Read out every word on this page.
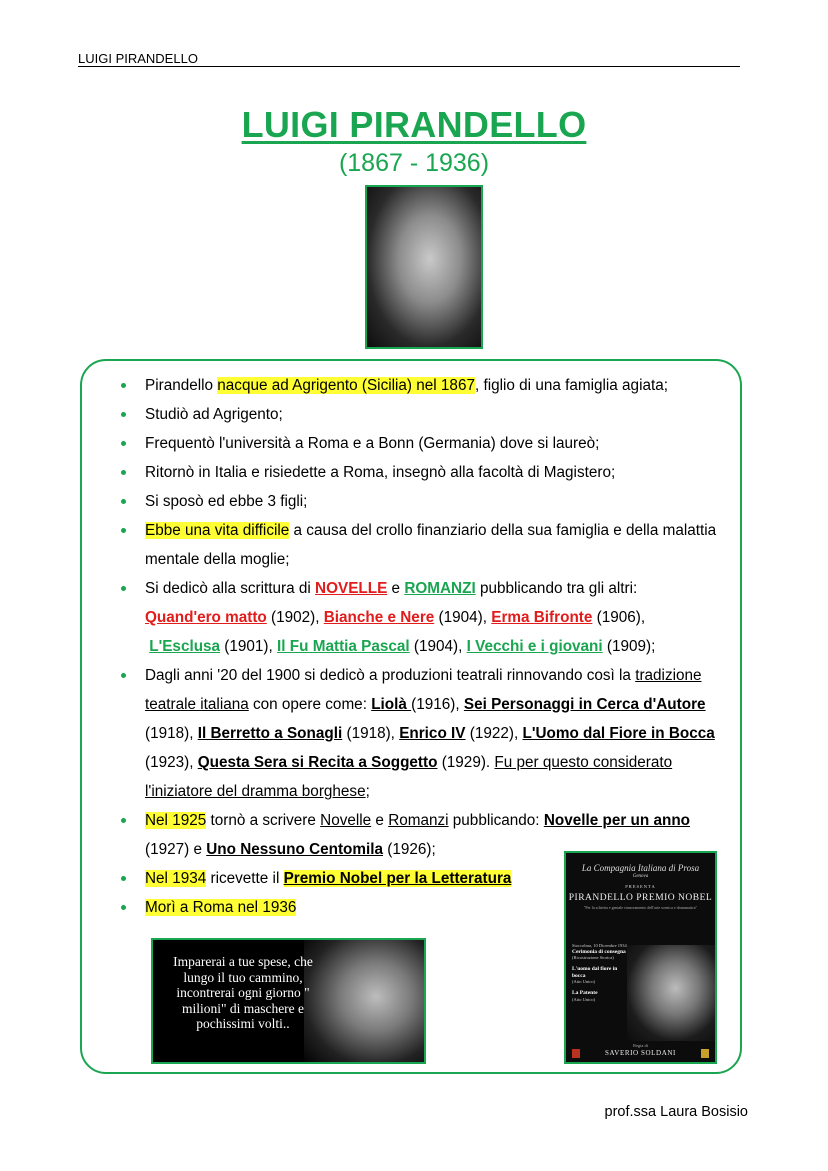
LUIGI PIRANDELLO
LUIGI PIRANDELLO
(1867 - 1936)
Pirandello nacque ad Agrigento (Sicilia) nel 1867, figlio di una famiglia agiata;
Studiò ad Agrigento;
Frequentò l'università a Roma e a Bonn (Germania) dove si laureò;
Ritornò in Italia e risiedette a Roma, insegnò alla facoltà di Magistero;
Si sposò ed ebbe 3 figli;
Ebbe una vita difficile a causa del crollo finanziario della sua famiglia e della malattia mentale della moglie;
Si dedicò alla scrittura di NOVELLE e ROMANZI pubblicando tra gli altri:
Quand'ero matto (1902), Bianche e Nere (1904), Erma Bifronte (1906),
L'Esclusa (1901), Il Fu Mattia Pascal (1904), I Vecchi e i giovani (1909);
Dagli anni '20 del 1900 si dedicò a produzioni teatrali rinnovando così la tradizione teatrale italiana con opere come: Liolà (1916), Sei Personaggi in Cerca d'Autore (1918), Il Berretto a Sonagli (1918), Enrico IV (1922), L'Uomo dal Fiore in Bocca (1923), Questa Sera si Recita a Soggetto (1929). Fu per questo considerato l'iniziatore del dramma borghese;
Nel 1925 tornò a scrivere Novelle e Romanzi pubblicando: Novelle per un anno (1927) e Uno Nessuno Centomila (1926);
Nel 1934 ricevette il Premio Nobel per la Letteratura
Morì a Roma nel 1936
Imparerai a tue spese, che lungo il tuo cammino, incontrerai ogni giorno " milioni" di maschere e pochissimi volti..
La Compagnia Italiana di Prosa
Genova
PRESENTA
PIRANDELLO PREMIO NOBEL
"Per la schietta e geniale rinnovamento dell'arte scenica e drammatica"
Stoccolma, 10 Dicembre 1934
Cerimonia di consegna
(Ricostruzione Storica)

L'uomo dal fiore in bocca
(Atto Unico)

La Patente
(Atto Unico)
Regia di
SAVERIO SOLDANI
prof.ssa Laura Bosisio
